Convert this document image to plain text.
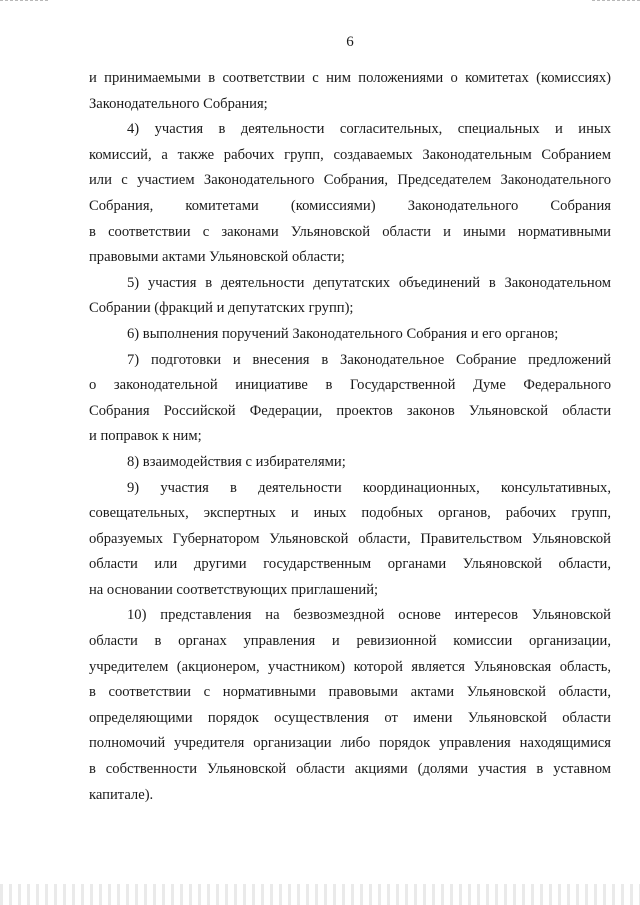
6
и принимаемыми в соответствии с ним положениями о комитетах (комиссиях)
Законодательного Собрания;
4) участия в деятельности согласительных, специальных и иных
комиссий, а также рабочих групп, создаваемых Законодательным Собранием
или с участием Законодательного Собрания, Председателем Законодательного
Собрания, комитетами (комиссиями) Законодательного Собрания
в соответствии с законами Ульяновской области и иными нормативными
правовыми актами Ульяновской области;
5) участия в деятельности депутатских объединений в Законодательном
Собрании (фракций и депутатских групп);
6) выполнения поручений Законодательного Собрания и его органов;
7) подготовки и внесения в Законодательное Собрание предложений
о законодательной инициативе в Государственной Думе Федерального
Собрания Российской Федерации, проектов законов Ульяновской области
и поправок к ним;
8) взаимодействия с избирателями;
9) участия в деятельности координационных, консультативных,
совещательных, экспертных и иных подобных органов, рабочих групп,
образуемых Губернатором Ульяновской области, Правительством Ульяновской
области или другими государственным органами Ульяновской области,
на основании соответствующих приглашений;
10) представления на безвозмездной основе интересов Ульяновской
области в органах управления и ревизионной комиссии организации,
учредителем (акционером, участником) которой является Ульяновская область,
в соответствии с нормативными правовыми актами Ульяновской области,
определяющими порядок осуществления от имени Ульяновской области
полномочий учредителя организации либо порядок управления находящимися
в собственности Ульяновской области акциями (долями участия в уставном
капитале).
